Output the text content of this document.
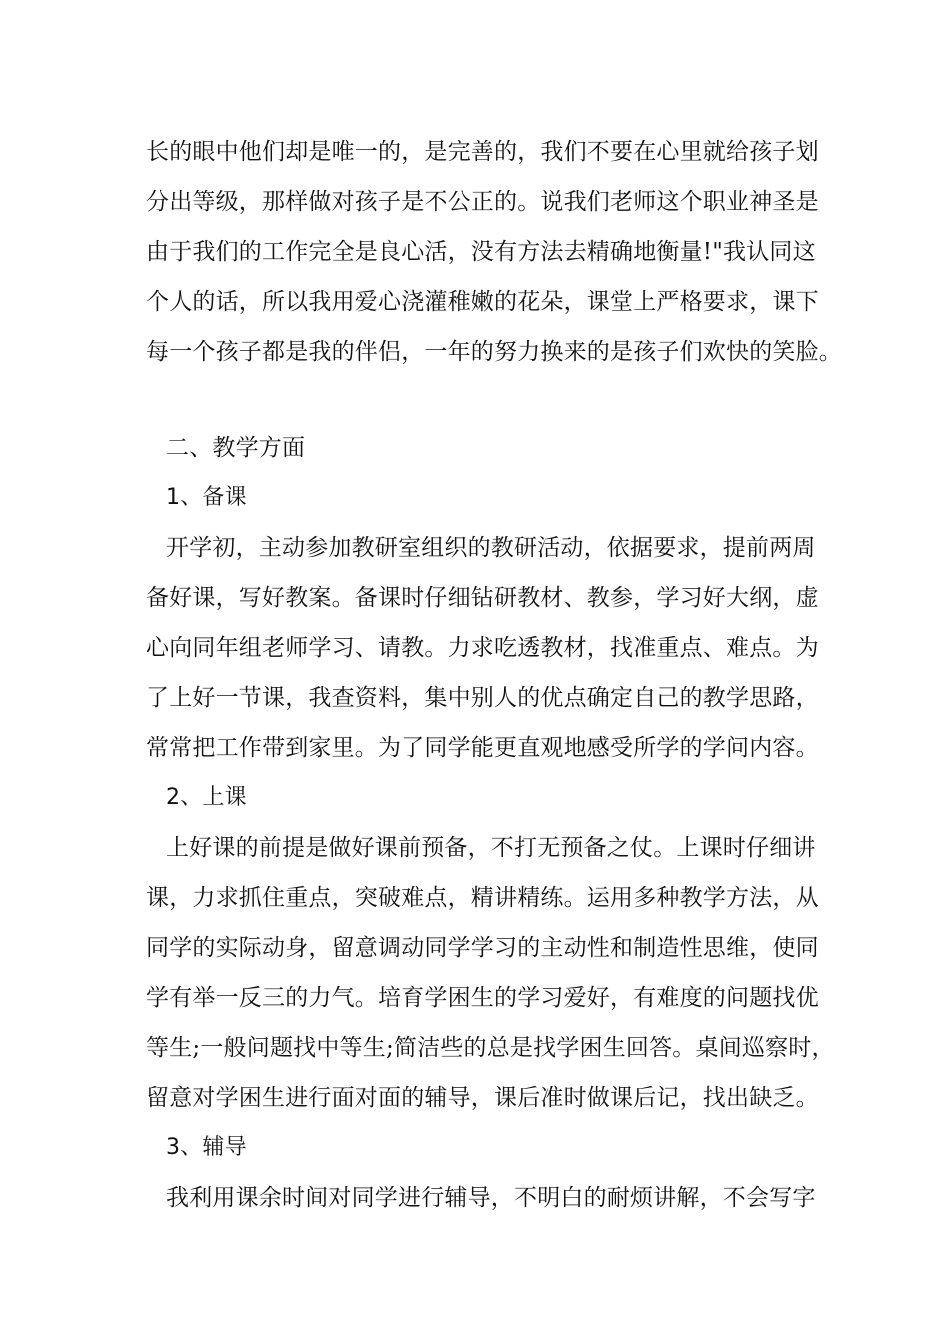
长的眼中他们却是唯一的，是完善的，我们不要在心里就给孩子划
分出等级，那样做对孩子是不公正的。说我们老师这个职业神圣是
由于我们的工作完全是良心活，没有方法去精确地衡量!"我认同这
个人的话，所以我用爱心浇灌稚嫩的花朵，课堂上严格要求，课下
每一个孩子都是我的伴侣，一年的努力换来的是孩子们欢快的笑脸。
二、教学方面
1、备课
开学初，主动参加教研室组织的教研活动，依据要求，提前两周
备好课，写好教案。备课时仔细钻研教材、教参，学习好大纲，虚
心向同年组老师学习、请教。力求吃透教材，找准重点、难点。为
了上好一节课，我查资料，集中别人的优点确定自己的教学思路，
常常把工作带到家里。为了同学能更直观地感受所学的学问内容。
2、上课
上好课的前提是做好课前预备，不打无预备之仗。上课时仔细讲
课，力求抓住重点，突破难点，精讲精练。运用多种教学方法，从
同学的实际动身，留意调动同学学习的主动性和制造性思维，使同
学有举一反三的力气。培育学困生的学习爱好，有难度的问题找优
等生;一般问题找中等生;简洁些的总是找学困生回答。桌间巡察时，
留意对学困生进行面对面的辅导，课后准时做课后记，找出缺乏。
3、辅导
我利用课余时间对同学进行辅导，不明白的耐烦讲解，不会写字
